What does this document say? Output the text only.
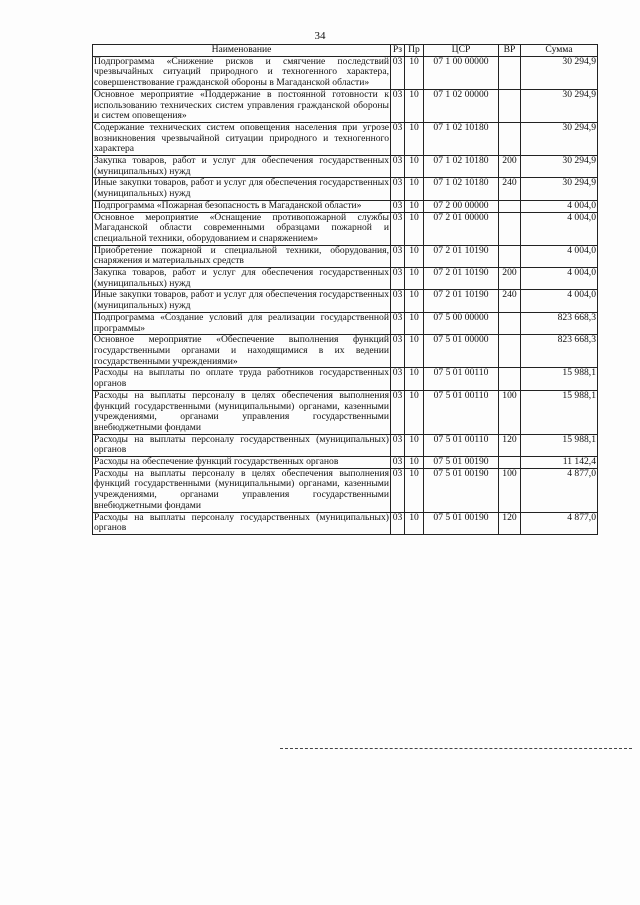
34
Наименование	Рз	Пр	ЦСР	ВР	Сумма
Подпрограмма «Снижение рисков и смягчение последствий чрезвычайных ситуаций природного и техногенного характера, совершенствование гражданской обороны в Магаданской области»	03	10	07 1 00 00000		30 294,9
Основное мероприятие «Поддержание в постоянной готовности к использованию технических систем управления гражданской обороны и систем оповещения»	03	10	07 1 02 00000		30 294,9
Содержание технических систем оповещения населения при угрозе возникновения чрезвычайной ситуации природного и техногенного характера	03	10	07 1 02 10180		30 294,9
Закупка товаров, работ и услуг для обеспечения государственных (муниципальных) нужд	03	10	07 1 02 10180	200	30 294,9
Иные закупки товаров, работ и услуг для обеспечения государственных (муниципальных) нужд	03	10	07 1 02 10180	240	30 294,9
Подпрограмма «Пожарная безопасность в Магаданской области»	03	10	07 2 00 00000		4 004,0
Основное мероприятие «Оснащение противопожарной службы Магаданской области современными образцами пожарной и специальной техники, оборудованием и снаряжением»	03	10	07 2 01 00000		4 004,0
Приобретение пожарной и специальной техники, оборудования, снаряжения и материальных средств	03	10	07 2 01 10190		4 004,0
Закупка товаров, работ и услуг для обеспечения государственных (муниципальных) нужд	03	10	07 2 01 10190	200	4 004,0
Иные закупки товаров, работ и услуг для обеспечения государственных (муниципальных) нужд	03	10	07 2 01 10190	240	4 004,0
Подпрограмма «Создание условий для реализации государственной программы»	03	10	07 5 00 00000		823 668,3
Основное мероприятие «Обеспечение выполнения функций государственными органами и находящимися в их ведении государственными учреждениями»	03	10	07 5 01 00000		823 668,3
Расходы на выплаты по оплате труда работников государственных органов	03	10	07 5 01 00110		15 988,1
Расходы на выплаты персоналу в целях обеспечения выполнения функций государственными (муниципальными) органами, казенными учреждениями, органами управления государственными внебюджетными фондами	03	10	07 5 01 00110	100	15 988,1
Расходы на выплаты персоналу государственных (муниципальных) органов	03	10	07 5 01 00110	120	15 988,1
Расходы на обеспечение функций государственных органов	03	10	07 5 01 00190		11 142,4
Расходы на выплаты персоналу в целях обеспечения выполнения функций государственными (муниципальными) органами, казенными учреждениями, органами управления государственными внебюджетными фондами	03	10	07 5 01 00190	100	4 877,0
Расходы на выплаты персоналу государственных (муниципальных) органов	03	10	07 5 01 00190	120	4 877,0
